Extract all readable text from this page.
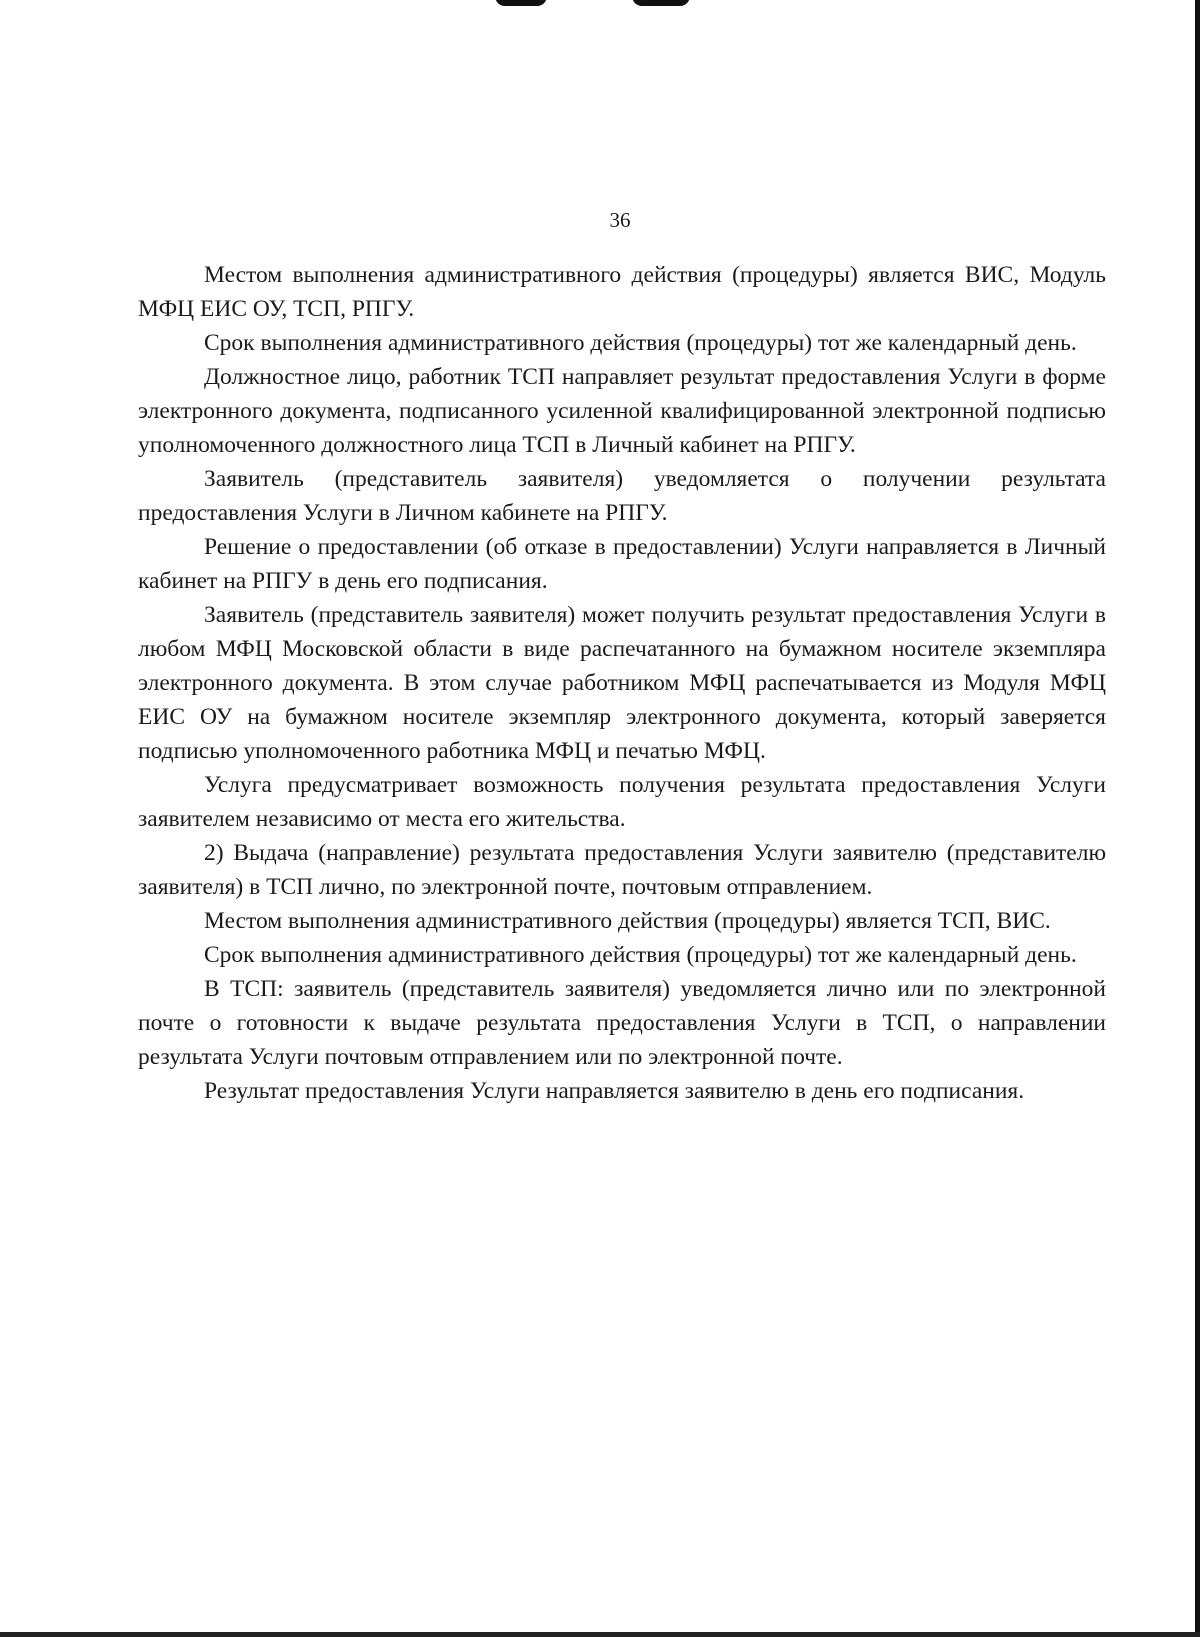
36

Местом выполнения административного действия (процедуры) является ВИС, Модуль МФЦ ЕИС ОУ, ТСП, РПГУ.

Срок выполнения административного действия (процедуры) тот же календарный день.

Должностное лицо, работник ТСП направляет результат предоставления Услуги в форме электронного документа, подписанного усиленной квалифицированной электронной подписью уполномоченного должностного лица ТСП в Личный кабинет на РПГУ.

Заявитель (представитель заявителя) уведомляется о получении результата предоставления Услуги в Личном кабинете на РПГУ.

Решение о предоставлении (об отказе в предоставлении) Услуги направляется в Личный кабинет на РПГУ в день его подписания.

Заявитель (представитель заявителя) может получить результат предоставления Услуги в любом МФЦ Московской области в виде распечатанного на бумажном носителе экземпляра электронного документа. В этом случае работником МФЦ распечатывается из Модуля МФЦ ЕИС ОУ на бумажном носителе экземпляр электронного документа, который заверяется подписью уполномоченного работника МФЦ и печатью МФЦ.

Услуга предусматривает возможность получения результата предоставления Услуги заявителем независимо от места его жительства.

2) Выдача (направление) результата предоставления Услуги заявителю (представителю заявителя) в ТСП лично, по электронной почте, почтовым отправлением.

Местом выполнения административного действия (процедуры) является ТСП, ВИС.

Срок выполнения административного действия (процедуры) тот же календарный день.

В ТСП: заявитель (представитель заявителя) уведомляется лично или по электронной почте о готовности к выдаче результата предоставления Услуги в ТСП, о направлении результата Услуги почтовым отправлением или по электронной почте.

Результат предоставления Услуги направляется заявителю в день его подписания.
